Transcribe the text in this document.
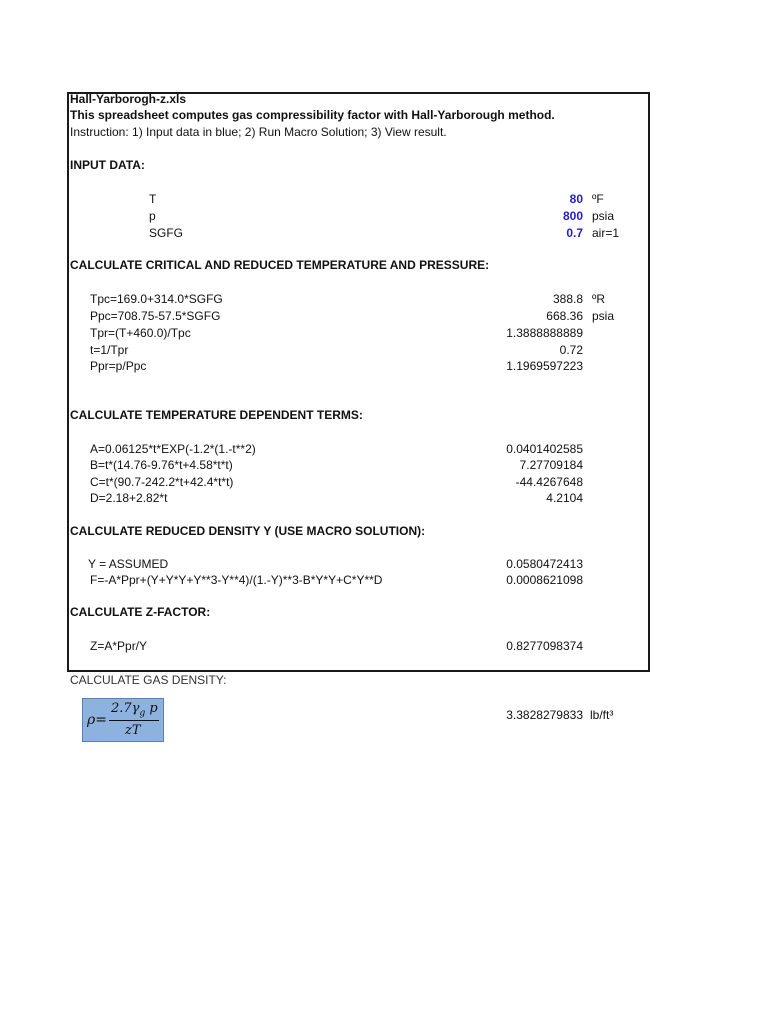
Hall-Yarborogh-z.xls
This spreadsheet computes gas compressibility factor with Hall-Yarborough method.
Instruction: 1) Input data in blue; 2) Run Macro Solution; 3) View result.
INPUT DATA:
T	80 ºF
p	800 psia
SGFG	0.7 air=1
CALCULATE CRITICAL AND REDUCED TEMPERATURE AND PRESSURE:
Tpc=169.0+314.0*SGFG	388.8 ºR
Ppc=708.75-57.5*SGFG	668.36 psia
Tpr=(T+460.0)/Tpc	1.3888888889
t=1/Tpr	0.72
Ppr=p/Ppc	1.1969597223
CALCULATE TEMPERATURE DEPENDENT TERMS:
A=0.06125*t*EXP(-1.2*(1.-t**2)	0.0401402585
B=t*(14.76-9.76*t+4.58*t*t)	7.27709184
C=t*(90.7-242.2*t+42.4*t*t)	-44.4267648
D=2.18+2.82*t	4.2104
CALCULATE REDUCED DENSITY Y (USE MACRO SOLUTION):
Y = ASSUMED	0.0580472413
F=-A*Ppr+(Y+Y*Y+Y**3-Y**4)/(1.-Y)**3-B*Y*Y+C*Y**D	0.0008621098
CALCULATE Z-FACTOR:
Z=A*Ppr/Y	0.8277098374
CALCULATE GAS DENSITY:
ρ=
$2.7\gamma_g$ p
zT
3.3828279833 lb/ft³
